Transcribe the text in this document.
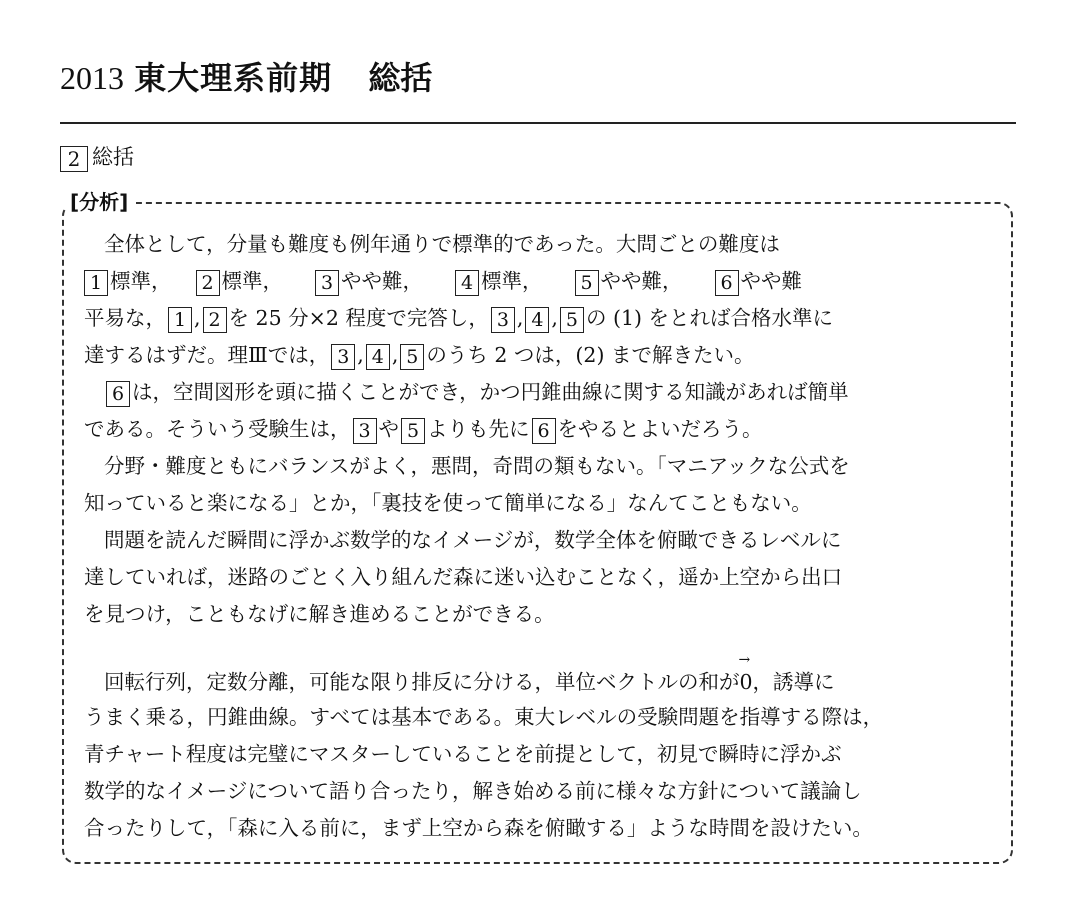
2013 東大理系前期 総括
2 総括
[分析]
全体として，分量も難度も例年通りで標準的であった。大問ごとの難度は
1 標準， 2 標準， 3 やや難， 4 標準， 5 やや難， 6 やや難
平易な， 1 , 2 を 25 分×2 程度で完答し， 3 , 4 , 5 の (1) をとれば合格水準に
達するはずだ。理Ⅲでは， 3 , 4 , 5 のうち 2 つは，(2) まで解きたい。
6 は，空間図形を頭に描くことができ，かつ円錐曲線に関する知識があれば簡単
である。そういう受験生は， 3 や 5 よりも先に 6 をやるとよいだろう。
分野・難度ともにバランスがよく，悪問，奇問の類もない。「マニアックな公式を
知っていると楽になる」とか，「裏技を使って簡単になる」なんてこともない。
問題を読んだ瞬間に浮かぶ数学的なイメージが，数学全体を俯瞰できるレベルに
達していれば，迷路のごとく入り組んだ森に迷い込むことなく，遥か上空から出口
を見つけ，こともなげに解き進めることができる。
回転行列，定数分離，可能な限り排反に分ける，単位ベクトルの和が
→
0，誘導に
うまく乗る，円錐曲線。すべては基本である。東大レベルの受験問題を指導する際は，
青チャート程度は完璧にマスターしていることを前提として，初見で瞬時に浮かぶ
数学的なイメージについて語り合ったり，解き始める前に様々な方針について議論し
合ったりして，「森に入る前に，まず上空から森を俯瞰する」ような時間を設けたい。
